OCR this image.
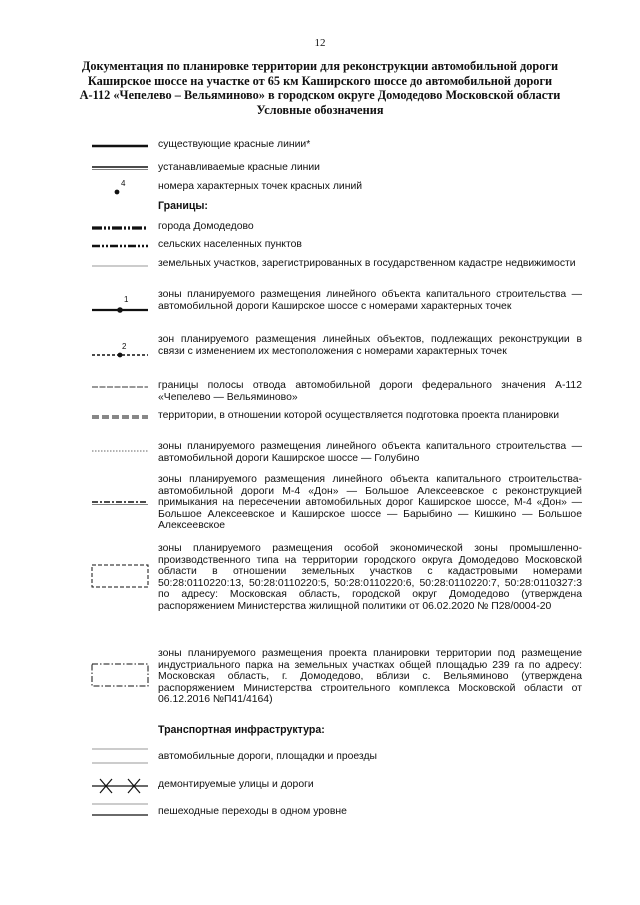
12
Документация по планировке территории для реконструкции автомобильной дороги
Каширское шоссе на участке от 65 км Каширского шоссе до автомобильной дороги
А-112 «Чепелево – Вельяминово» в городском округе Домодедово Московской области
Условные обозначения
существующие красные линии*
устанавливаемые красные линии
4	номера характерных точек красных линий
Границы:
города Домодедово
сельских населенных пунктов
земельных участков, зарегистрированных в государственном кадастре недвижимости
1	зоны планируемого размещения линейного объекта капитального строительства — автомобильной дороги Каширское шоссе с номерами характерных точек
2
зон планируемого размещения линейных объектов, подлежащих реконструкции в связи с изменением их местоположения с номерами характерных точек
границы полосы отвода автомобильной дороги федерального значения А-112 «Чепелево — Вельяминово»
территории, в отношении которой осуществляется подготовка проекта планировки
зоны планируемого размещения линейного объекта капитального строительства — автомобильной дороги Каширское шоссе — Голубино
зоны планируемого размещения линейного объекта капитального строительства- автомобильной дороги М-4 «Дон» — Большое Алексеевское с реконструкцией примыкания на пересечении автомобильных дорог Каширское шоссе, М-4 «Дон» — Большое Алексеевское и Каширское шоссе — Барыбино — Кишкино — Большое Алексеевское
зоны планируемого размещения особой экономической зоны промышленно-производственного типа на территории городского округа Домодедово Московской области в отношении земельных участков с кадастровыми номерами 50:28:0110220:13, 50:28:0110220:5, 50:28:0110220:6, 50:28:0110220:7, 50:28:0110327:3 по адресу: Московская область, городской округ Домодедово (утверждена распоряжением Министерства жилищной политики от 06.02.2020 № П28/0004-20
зоны планируемого размещения проекта планировки территории под размещение индустриального парка на земельных участках общей площадью 239 га по адресу: Московская область, г. Домодедово, вблизи с. Вельяминово (утверждена распоряжением Министерства строительного комплекса Московской области от 06.12.2016 №П41/4164)
Транспортная инфраструктура:
автомобильные дороги, площадки и проезды
демонтируемые улицы и дороги
пешеходные переходы в одном уровне
